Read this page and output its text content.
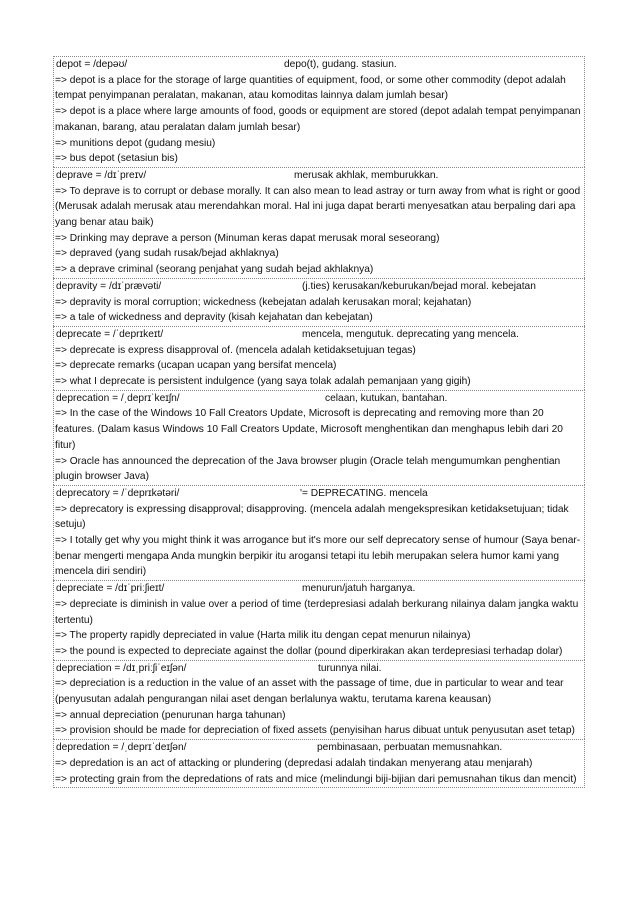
depot = /depəʊ/	depo(t), gudang. stasiun.
=> depot is a place for the storage of large quantities of equipment, food, or some other commodity (depot adalah tempat penyimpanan peralatan, makanan, atau komoditas lainnya dalam jumlah besar)
=> depot is a place where large amounts of food, goods or equipment are stored (depot adalah tempat penyimpanan makanan, barang, atau peralatan dalam jumlah besar)
=> munitions depot (gudang mesiu)
=> bus depot (setasiun bis)
deprave = /dɪˈpreɪv/	merusak akhlak, memburukkan.
=> To deprave is to corrupt or debase morally. It can also mean to lead astray or turn away from what is right or good (Merusak adalah merusak atau merendahkan moral. Hal ini juga dapat berarti menyesatkan atau berpaling dari apa yang benar atau baik)
=> Drinking may deprave a person (Minuman keras dapat merusak moral seseorang)
=> depraved (yang sudah rusak/bejad akhlaknya)
=> a deprave criminal (seorang penjahat yang sudah bejad akhlaknya)
depravity = /dɪˈprævəti/	(j.ties) kerusakan/keburukan/bejad moral. kebejatan
=> depravity is moral corruption; wickedness (kebejatan adalah kerusakan moral; kejahatan)
=> a tale of wickedness and depravity (kisah kejahatan dan kebejatan)
deprecate = /ˈdeprɪkeɪt/	mencela, mengutuk. deprecating yang mencela.
=> deprecate is express disapproval of. (mencela adalah ketidaksetujuan tegas)
=> deprecate remarks (ucapan ucapan yang bersifat mencela)
=> what I deprecate is persistent indulgence (yang saya tolak adalah pemanjaan yang gigih)
deprecation = /ˌdeprɪˈkeɪʃn/	celaan, kutukan, bantahan.
=> In the case of the Windows 10 Fall Creators Update, Microsoft is deprecating and removing more than 20 features. (Dalam kasus Windows 10 Fall Creators Update, Microsoft menghentikan dan menghapus lebih dari 20 fitur)
=> Oracle has announced the deprecation of the Java browser plugin (Oracle telah mengumumkan penghentian plugin browser Java)
deprecatory = /ˈdeprɪkətəri/	'= DEPRECATING. mencela
=> deprecatory is expressing disapproval; disapproving. (mencela adalah mengekspresikan ketidaksetujuan; tidak setuju)
=> I totally get why you might think it was arrogance but it's more our self deprecatory sense of humour (Saya benar-benar mengerti mengapa Anda mungkin berpikir itu arogansi tetapi itu lebih merupakan selera humor kami yang mencela diri sendiri)
depreciate = /dɪˈpriːʃieɪt/	menurun/jatuh harganya.
=> depreciate is diminish in value over a period of time (terdepresiasi adalah berkurang nilainya dalam jangka waktu tertentu)
=> The property rapidly depreciated in value (Harta milik itu dengan cepat menurun nilainya)
=> the pound is expected to depreciate against the dollar (pound diperkirakan akan terdepresiasi terhadap dolar)
depreciation = /dɪˌpriːʃiˈeɪʃən/	turunnya nilai.
=> depreciation is a reduction in the value of an asset with the passage of time, due in particular to wear and tear (penyusutan adalah pengurangan nilai aset dengan berlalunya waktu, terutama karena keausan)
=> annual depreciation (penurunan harga tahunan)
=> provision should be made for depreciation of fixed assets (penyisihan harus dibuat untuk penyusutan aset tetap)
depredation = /ˌdeprɪˈdeɪʃən/	pembinasaan, perbuatan memusnahkan.
=> depredation is an act of attacking or plundering (depredasi adalah tindakan menyerang atau menjarah)
=> protecting grain from the depredations of rats and mice (melindungi biji-bijian dari pemusnahan tikus dan mencit)
